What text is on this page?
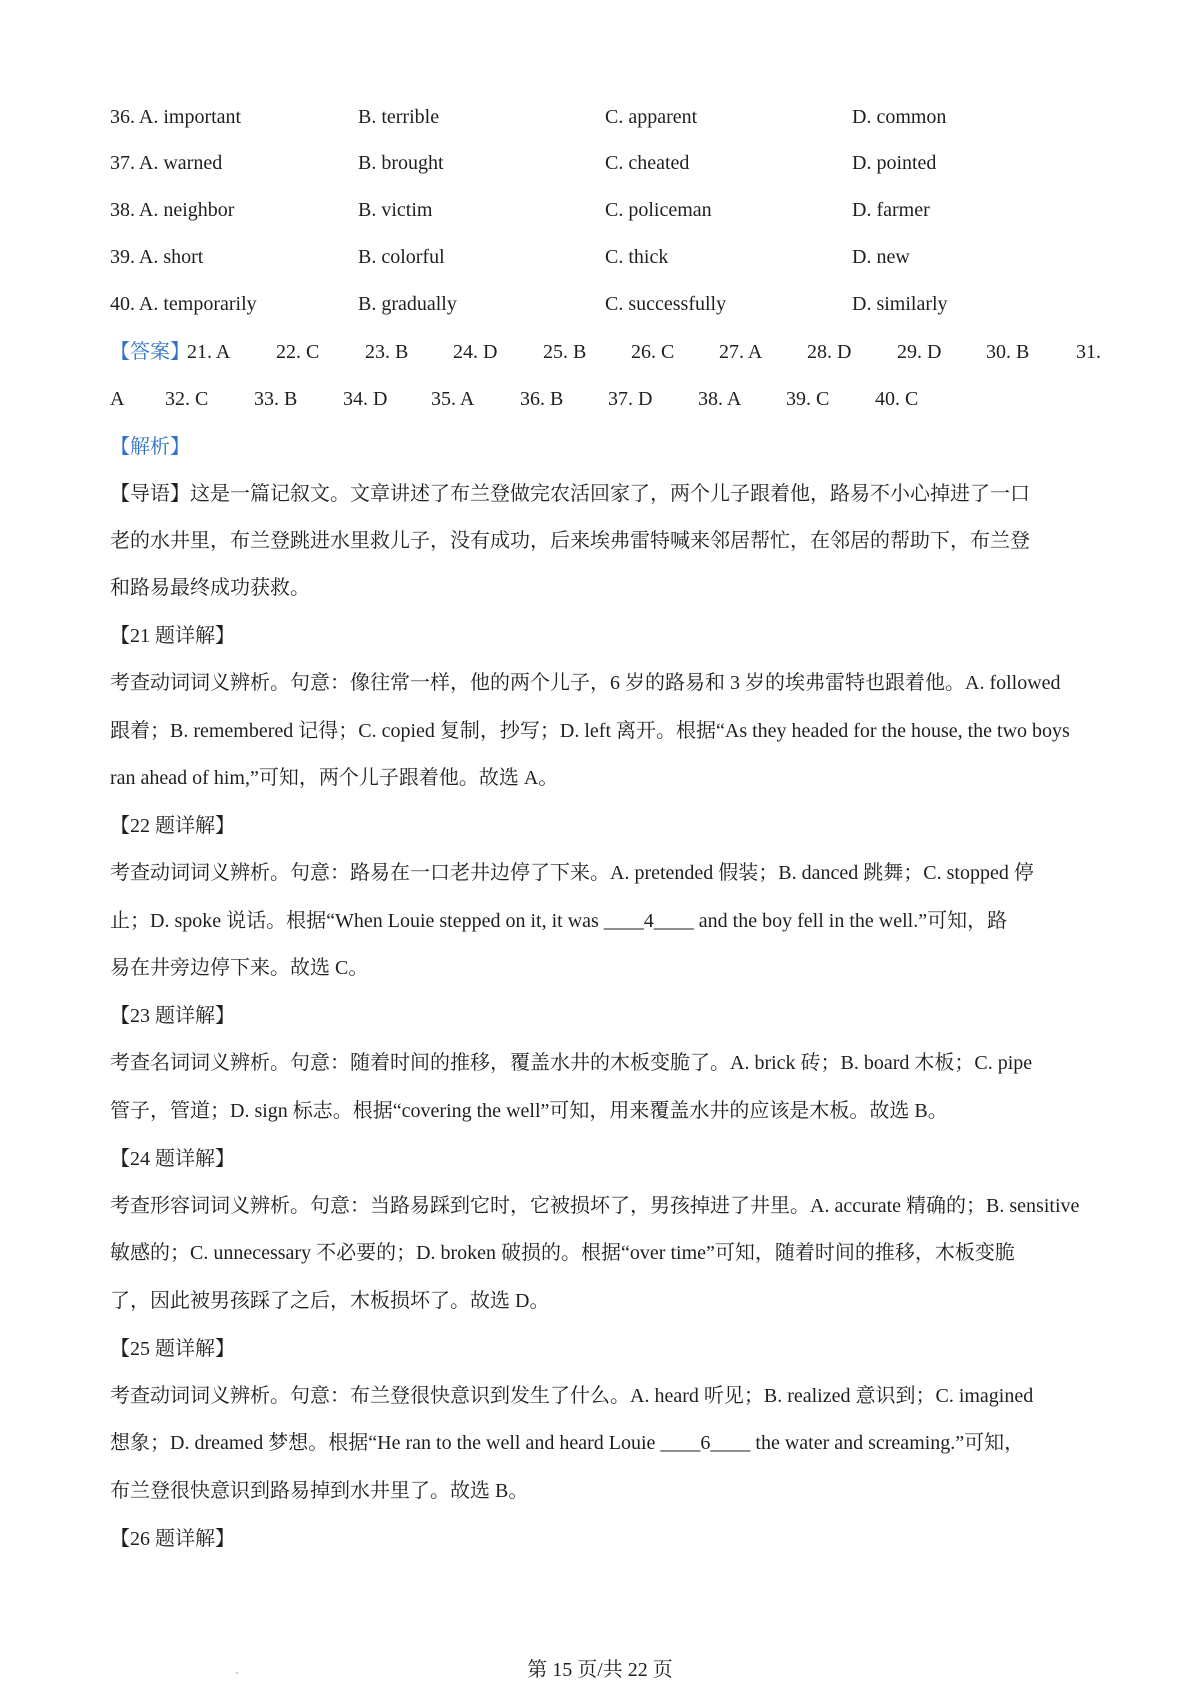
36. A. important	B. terrible	C. apparent	D. common
37. A. warned	B. brought	C. cheated	D. pointed
38. A. neighbor	B. victim	C. policeman	D. farmer
39. A. short	B. colorful	C. thick	D. new
40. A. temporarily	B. gradually	C. successfully	D. similarly
【答案】
21. A 22. C 23. B 24. D 25. B 26. C 27. A 28. D 29. D 30. B 31.
A 32. C 33. B 34. D 35. A 36. B 37. D 38. A 39. C 40. C
【解析】
【导语】这是一篇记叙文。文章讲述了布兰登做完农活回家了，两个儿子跟着他，路易不小心掉进了一口
老的水井里，布兰登跳进水里救儿子，没有成功，后来埃弗雷特喊来邻居帮忙，在邻居的帮助下，布兰登
和路易最终成功获救。
【21 题详解】
考查动词词义辨析。句意：像往常一样，他的两个儿子，6 岁的路易和 3 岁的埃弗雷特也跟着他。A. followed
跟着；B. remembered 记得；C. copied 复制，抄写；D. left 离开。根据“As they headed for the house, the two boys
ran ahead of him,”可知，两个儿子跟着他。故选 A。
【22 题详解】
考查动词词义辨析。句意：路易在一口老井边停了下来。A. pretended 假装；B. danced 跳舞；C. stopped 停
止；D. spoke 说话。根据“When Louie stepped on it, it was ____4____ and the boy fell in the well.”可知，路
易在井旁边停下来。故选 C。
【23 题详解】
考查名词词义辨析。句意：随着时间的推移，覆盖水井的木板变脆了。A. brick 砖；B. board 木板；C. pipe
管子，管道；D. sign 标志。根据“covering the well”可知，用来覆盖水井的应该是木板。故选 B。
【24 题详解】
考查形容词词义辨析。句意：当路易踩到它时，它被损坏了，男孩掉进了井里。A. accurate 精确的；B. sensitive
敏感的；C. unnecessary 不必要的；D. broken 破损的。根据“over time”可知，随着时间的推移，木板变脆
了，因此被男孩踩了之后，木板损坏了。故选 D。
【25 题详解】
考查动词词义辨析。句意：布兰登很快意识到发生了什么。A. heard 听见；B. realized 意识到；C. imagined
想象；D. dreamed 梦想。根据“He ran to the well and heard Louie ____6____ the water and screaming.”可知，
布兰登很快意识到路易掉到水井里了。故选 B。
【26 题详解】
第 15 页/共 22 页
